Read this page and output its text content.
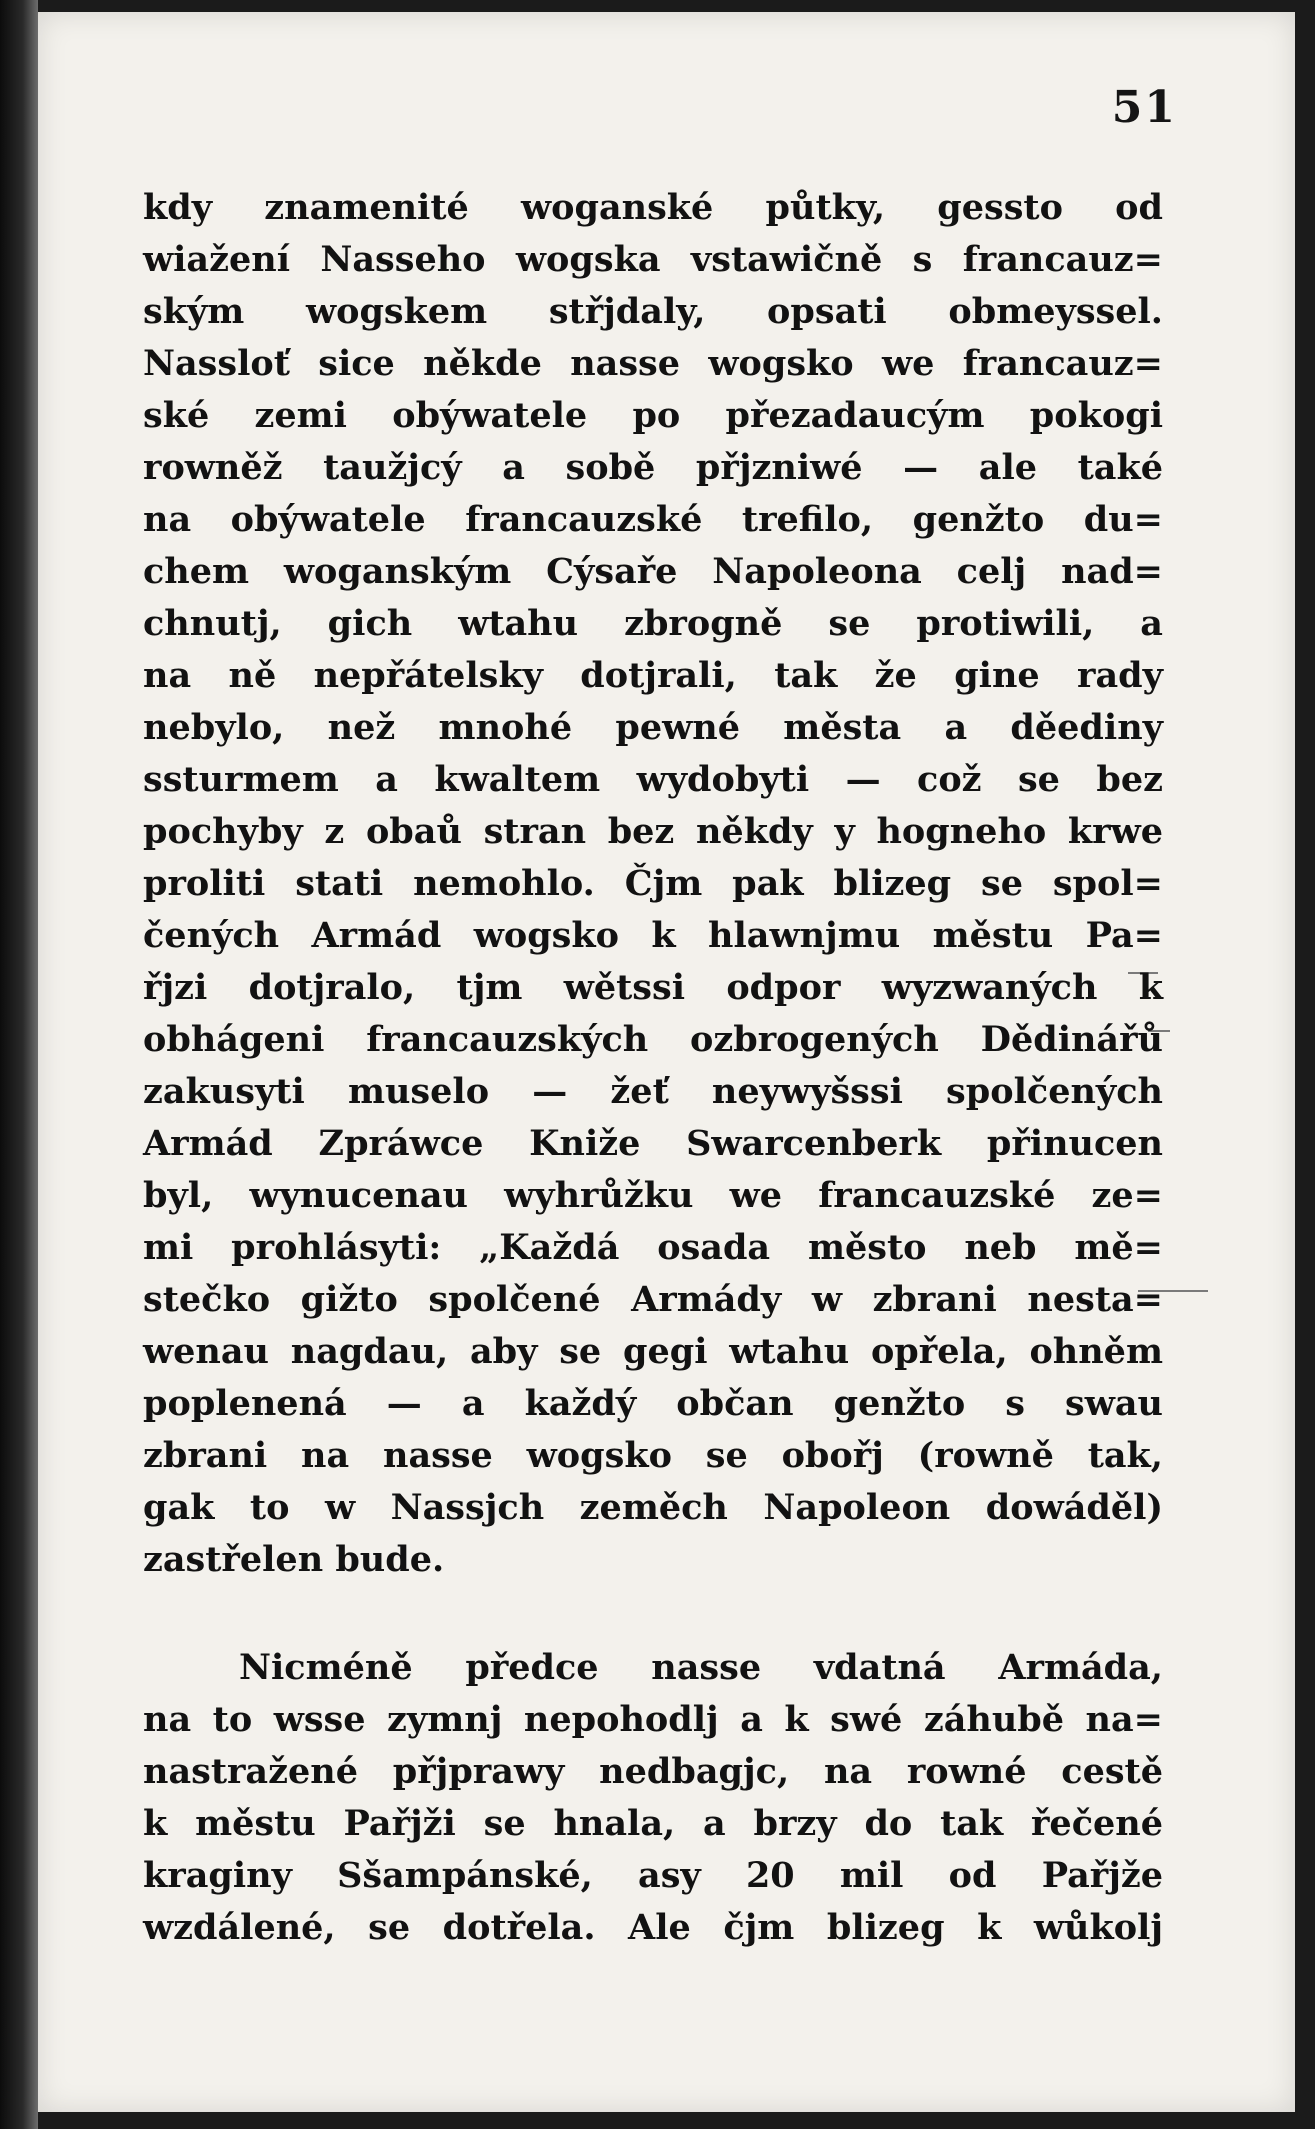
51
kdy znamenité woganské půtky, gessto od
wiažení Nasseho wogska vstawičně s francauz=
ským wogskem střjdaly, opsati obmeyssel.
Nassloť sice někde nasse wogsko we francauz=
ské zemi obýwatele po přezadaucým pokogi
rowněž taužjcý a sobě přjzniwé — ale také
na obýwatele francauzské trefilo, genžto du=
chem woganským Cýsaře Napoleona celj nad=
chnutj, gich wtahu zbrogně se protiwili, a
na ně nepřátelsky dotjrali, tak že gine rady
nebylo, než mnohé pewné města a děediny
ssturmem a kwaltem wydobyti — což se bez
pochyby z obaů stran bez někdy y hogneho krwe
proliti stati nemohlo. Čjm pak blizeg se spol=
čených Armád wogsko k hlawnjmu městu Pa=
řjzi dotjralo, tjm wětssi odpor wyzwaných k
obhágeni francauzských ozbrogených Dědinářů
zakusyti muselo — žeť neywyšssi spolčených
Armád Zpráwce Kniže Swarcenberk přinucen
byl, wynucenau wyhrůžku we francauzské ze=
mi prohlásyti: „Každá osada město neb mě=
stečko gižto spolčené Armády w zbrani nesta=
wenau nagdau, aby se gegi wtahu opřela, ohněm
poplenená — a každý občan genžto s swau
zbrani na nasse wogsko se obořj (rowně tak,
gak to w Nassjch zeměch Napoleon dowáděl)
zastřelen bude.
Nicméně předce nasse vdatná Armáda,
na to wsse zymnj nepohodlj a k swé záhubě na=
nastražené přjprawy nedbagjc, na rowné cestě
k městu Pařjži se hnala, a brzy do tak řečené
kraginy Sšampánské, asy 20 mil od Pařjže
wzdálené, se dotřela. Ale čjm blizeg k wůkolj
